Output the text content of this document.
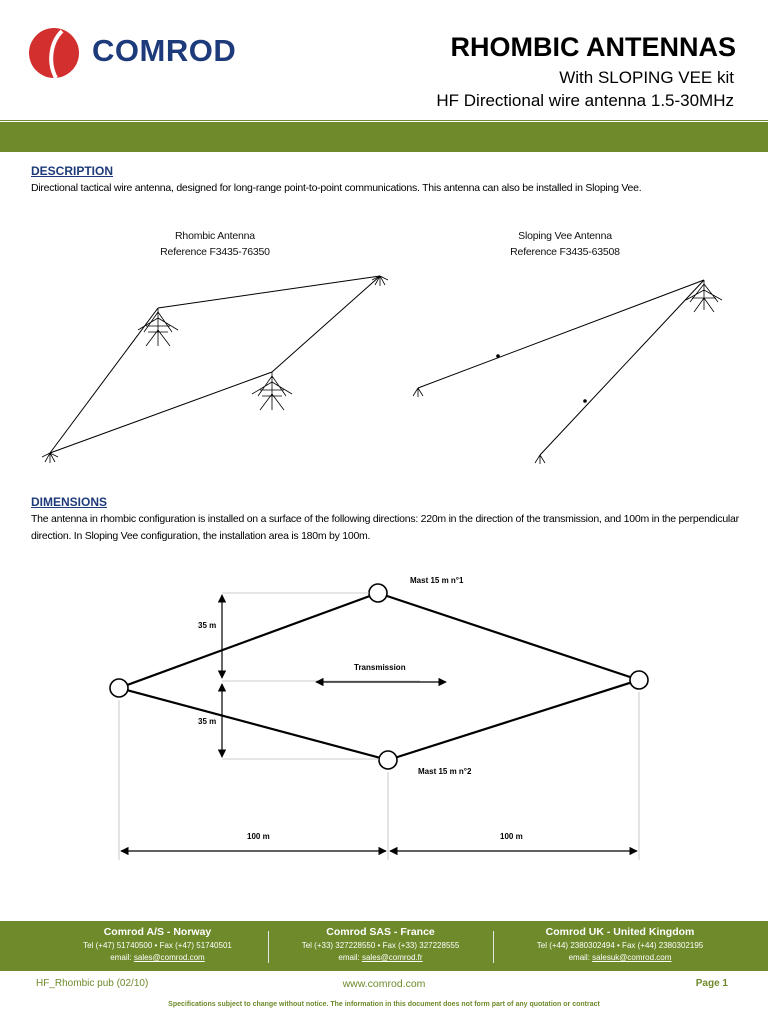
COMROD	RHOMBIC ANTENNAS
With SLOPING VEE kit
HF Directional wire antenna 1.5-30MHz
DESCRIPTION
Directional tactical wire antenna, designed for long-range point-to-point communications. This antenna can also be installed in Sloping Vee.
Rhombic Antenna
Reference F3435-76350
Sloping Vee Antenna
Reference F3435-63508
DIMENSIONS
The antenna in rhombic configuration is installed on a surface of the following directions: 220m in the direction of the transmission, and 100m in the perpendicular direction. In Sloping Vee configuration, the installation area is 180m by 100m.
Mast 15 m n°1
Mast 15 m n°2
Transmission
35 m
35 m
100 m	100 m
Comrod A/S - Norway
Tel (+47) 51740500 • Fax (+47) 51740501
email: sales@comrod.com
Comrod SAS - France
Tel (+33) 327228550 • Fax (+33) 327228555
email: sales@comrod.fr
Comrod UK - United Kingdom
Tel (+44) 2380302494 • Fax (+44) 2380302195
email: salesuk@comrod.com
HF_Rhombic pub (02/10)	www.comrod.com	Page 1
Specifications subject to change without notice. The information in this document does not form part of any quotation or contract
